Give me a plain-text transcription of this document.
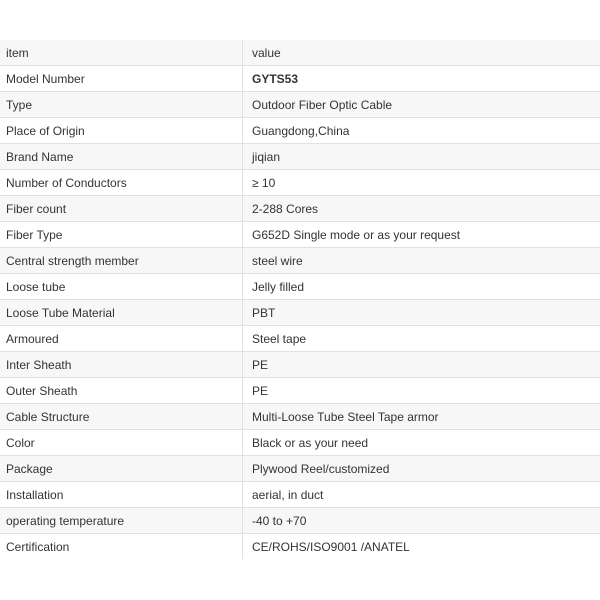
item	value
Model Number	GYTS53
Type	Outdoor Fiber Optic Cable
Place of Origin	Guangdong,China
Brand Name	jiqian
Number of Conductors	≥ 10
Fiber count	2-288 Cores
Fiber Type	G652D Single mode or as your request
Central strength member	steel wire
Loose tube	Jelly filled
Loose Tube Material	PBT
Armoured	Steel tape
Inter Sheath	PE
Outer Sheath	PE
Cable Structure	Multi-Loose Tube Steel Tape armor
Color	Black or as your need
Package	Plywood Reel/customized
Installation	aerial, in duct
operating temperature	-40 to +70
Certification	CE/ROHS/ISO9001 /ANATEL
